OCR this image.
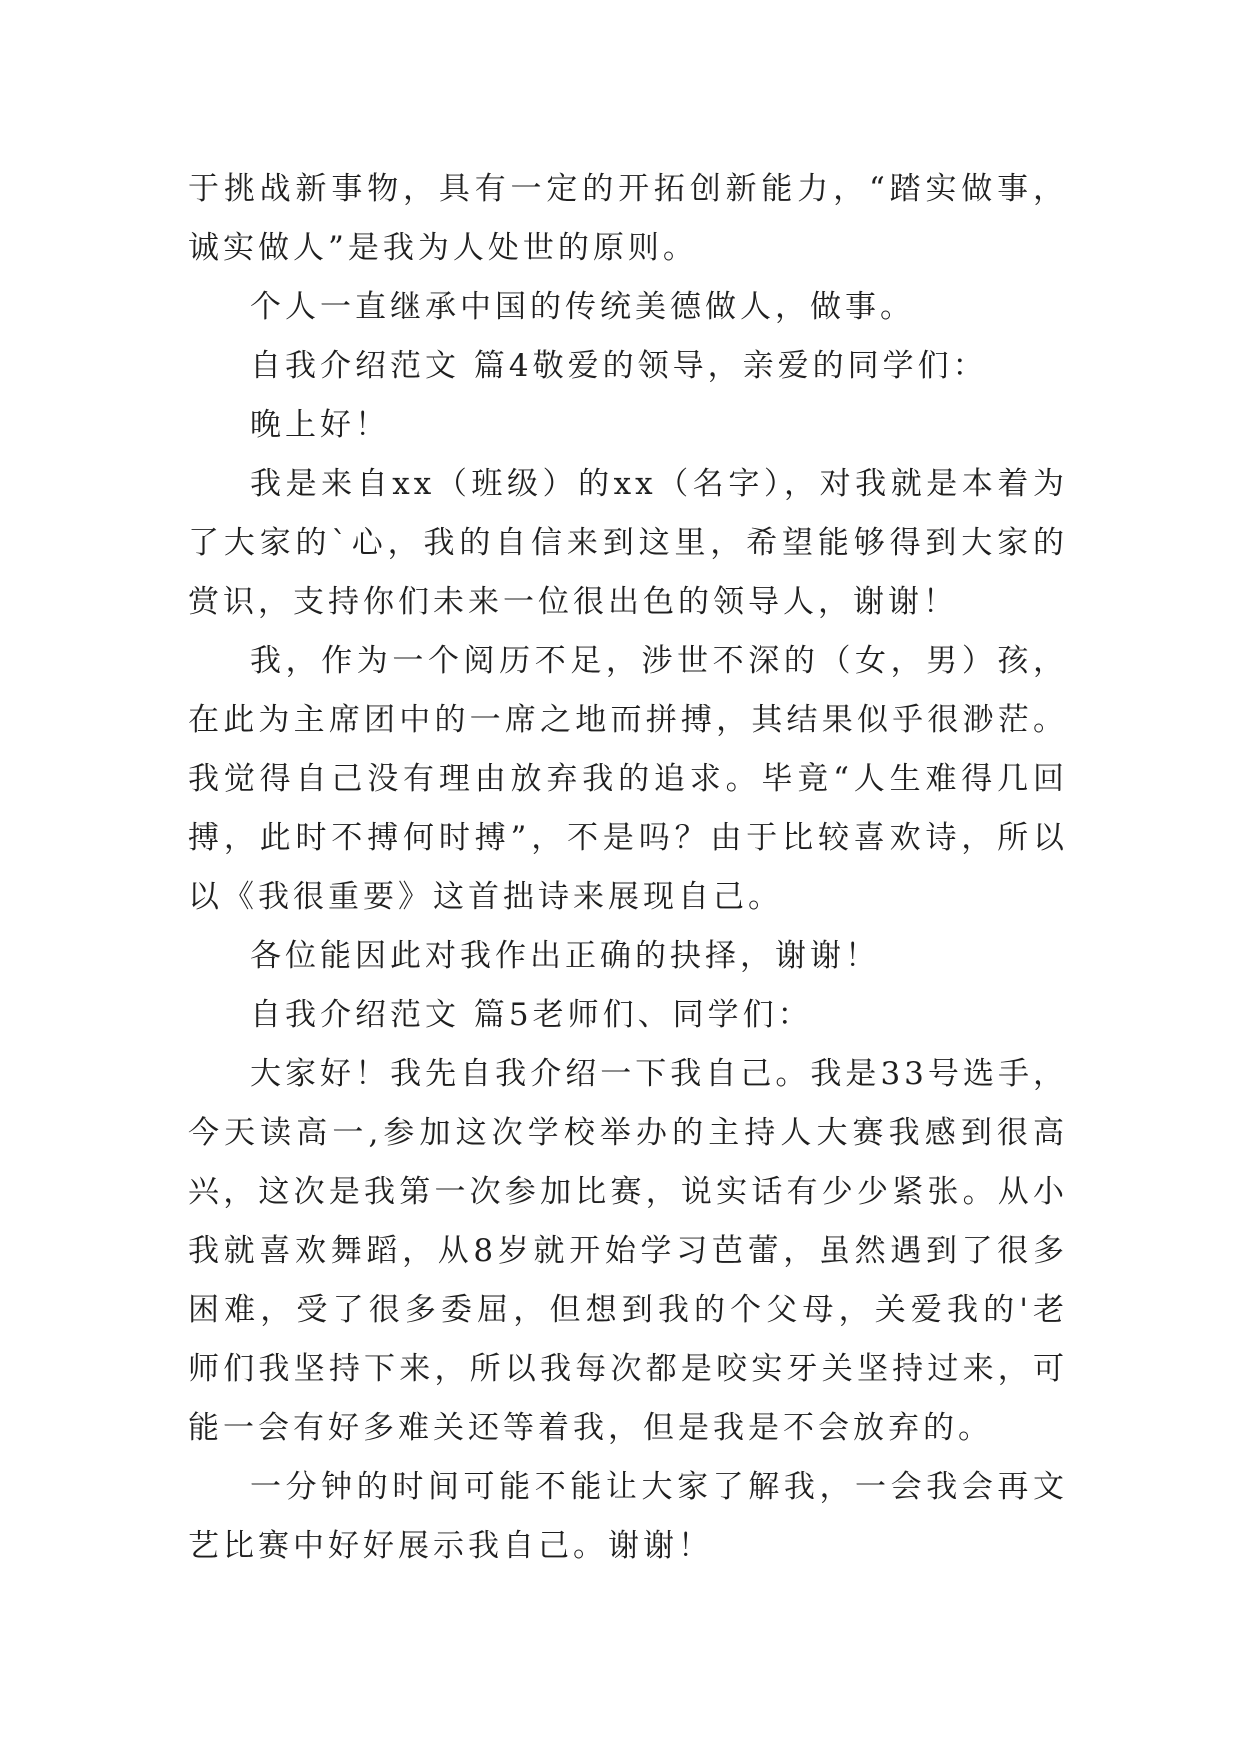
于挑战新事物，具有一定的开拓创新能力，“踏实做事，诚实做人”是我为人处世的原则。

个人一直继承中国的传统美德做人，做事。

自我介绍范文 篇4敬爱的领导，亲爱的同学们：

晚上好！

我是来自xx（班级）的xx（名字），对我就是本着为了大家的`心，我的自信来到这里，希望能够得到大家的赏识，支持你们未来一位很出色的领导人，谢谢！

我，作为一个阅历不足，涉世不深的（女，男）孩，在此为主席团中的一席之地而拼搏，其结果似乎很渺茫。我觉得自己没有理由放弃我的追求。毕竟“人生难得几回搏，此时不搏何时搏”，不是吗？由于比较喜欢诗，所以以《我很重要》这首拙诗来展现自己。

各位能因此对我作出正确的抉择，谢谢！

自我介绍范文 篇5老师们、同学们：

大家好！我先自我介绍一下我自己。我是33号选手，今天读高一,参加这次学校举办的主持人大赛我感到很高兴，这次是我第一次参加比赛，说实话有少少紧张。从小我就喜欢舞蹈，从8岁就开始学习芭蕾，虽然遇到了很多困难，受了很多委屈，但想到我的个父母，关爱我的'老师们我坚持下来，所以我每次都是咬实牙关坚持过来，可能一会有好多难关还等着我，但是我是不会放弃的。

一分钟的时间可能不能让大家了解我，一会我会再文艺比赛中好好展示我自己。谢谢！
